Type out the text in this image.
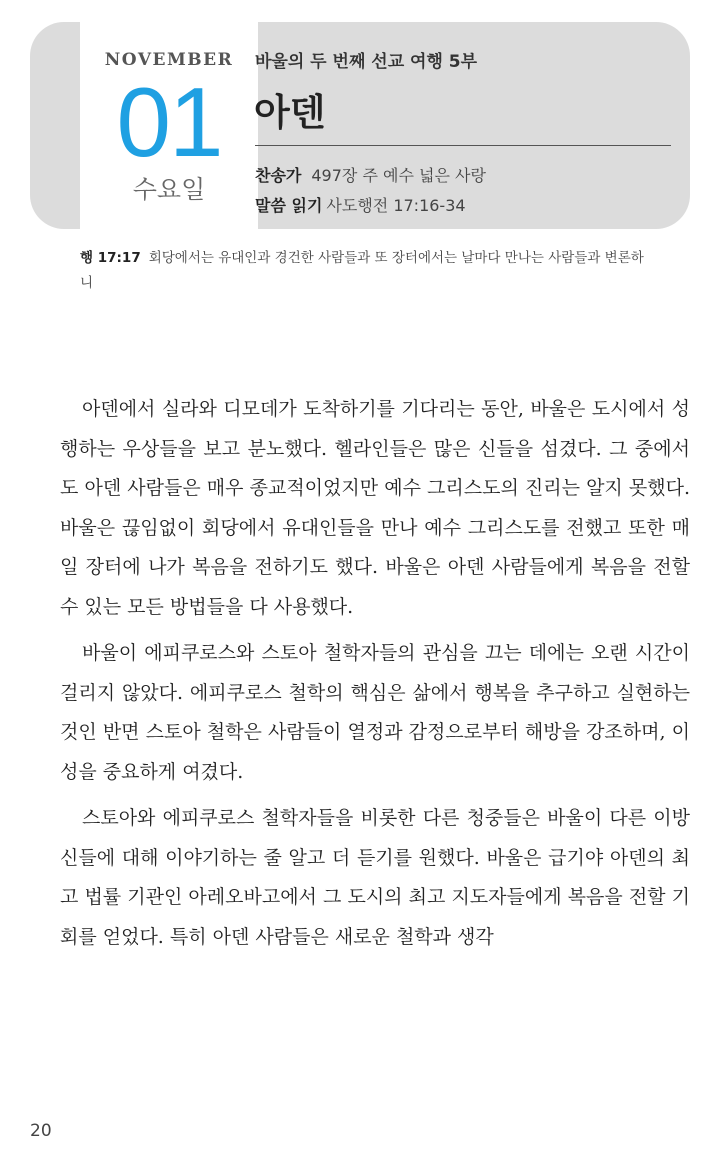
NOVEMBER
01
수요일
바울의 두 번째 선교 여행 5부
아덴
찬송가 497장 주 예수 넓은 사랑
말씀 읽기 사도행전 17:16-34
행 17:17 회당에서는 유대인과 경건한 사람들과 또 장터에서는 날마다 만나는 사람들과 변론하니

아덴에서 실라와 디모데가 도착하기를 기다리는 동안, 바울은 도시에서 성행하는 우상들을 보고 분노했다. 헬라인들은 많은 신들을 섬겼다. 그 중에서도 아덴 사람들은 매우 종교적이었지만 예수 그리스도의 진리는 알지 못했다. 바울은 끊임없이 회당에서 유대인들을 만나 예수 그리스도를 전했고 또한 매일 장터에 나가 복음을 전하기도 했다. 바울은 아덴 사람들에게 복음을 전할 수 있는 모든 방법들을 다 사용했다.

바울이 에피쿠로스와 스토아 철학자들의 관심을 끄는 데에는 오랜 시간이 걸리지 않았다. 에피쿠로스 철학의 핵심은 삶에서 행복을 추구하고 실현하는 것인 반면 스토아 철학은 사람들이 열정과 감정으로부터 해방을 강조하며, 이성을 중요하게 여겼다.

스토아와 에피쿠로스 철학자들을 비롯한 다른 청중들은 바울이 다른 이방신들에 대해 이야기하는 줄 알고 더 듣기를 원했다. 바울은 급기야 아덴의 최고 법률 기관인 아레오바고에서 그 도시의 최고 지도자들에게 복음을 전할 기회를 얻었다. 특히 아덴 사람들은 새로운 철학과 생각

20
